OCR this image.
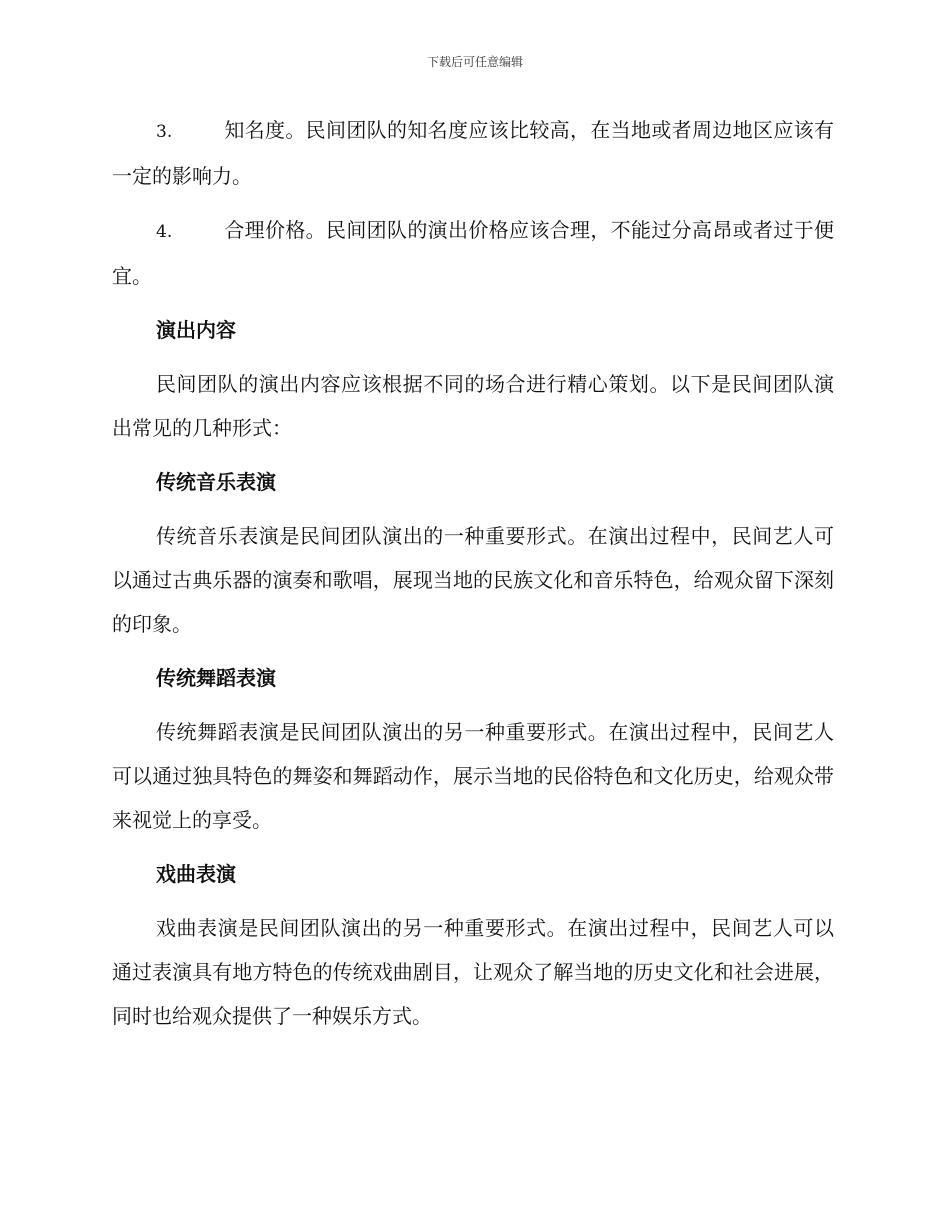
下载后可任意编辑

3.	知名度。民间团队的知名度应该比较高，在当地或者周边地区应该有一定的影响力。

4.	合理价格。民间团队的演出价格应该合理，不能过分高昂或者过于便宜。

演出内容

民间团队的演出内容应该根据不同的场合进行精心策划。以下是民间团队演出常见的几种形式：

传统音乐表演

传统音乐表演是民间团队演出的一种重要形式。在演出过程中，民间艺人可以通过古典乐器的演奏和歌唱，展现当地的民族文化和音乐特色，给观众留下深刻的印象。

传统舞蹈表演

传统舞蹈表演是民间团队演出的另一种重要形式。在演出过程中，民间艺人可以通过独具特色的舞姿和舞蹈动作，展示当地的民俗特色和文化历史，给观众带来视觉上的享受。

戏曲表演

戏曲表演是民间团队演出的另一种重要形式。在演出过程中，民间艺人可以通过表演具有地方特色的传统戏曲剧目，让观众了解当地的历史文化和社会进展，同时也给观众提供了一种娱乐方式。
